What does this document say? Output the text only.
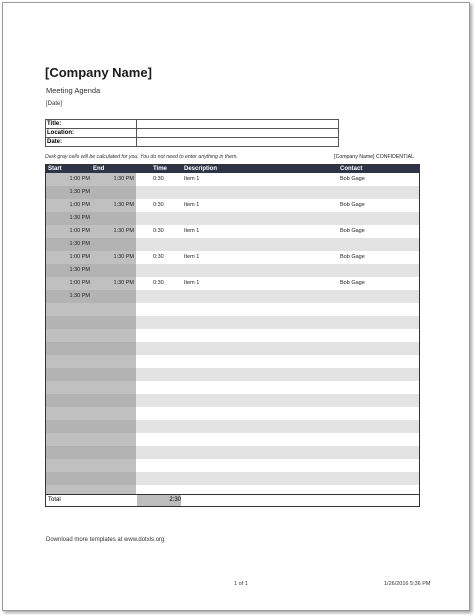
[Company Name]
Meeting Agenda
[Date]
Title:	
Location:	
Date:	
Dark gray cells will be calculated for you. You do not need to enter anything in them.	[Company Name] CONFIDENTIAL
Start	End	Time	Description	Contact
1:00 PM	1:30 PM	0:30	Item 1	Bob Gage
1:30 PM
1:00 PM	1:30 PM	0:30	Item 1	Bob Gage
1:30 PM
1:00 PM	1:30 PM	0:30	Item 1	Bob Gage
1:30 PM
1:00 PM	1:30 PM	0:30	Item 1	Bob Gage
1:30 PM
1:00 PM	1:30 PM	0:30	Item 1	Bob Gage
1:30 PM
Total	2:30
Download more templates at www.dotxls.org
1 of 1	1/26/2016 5:36 PM
